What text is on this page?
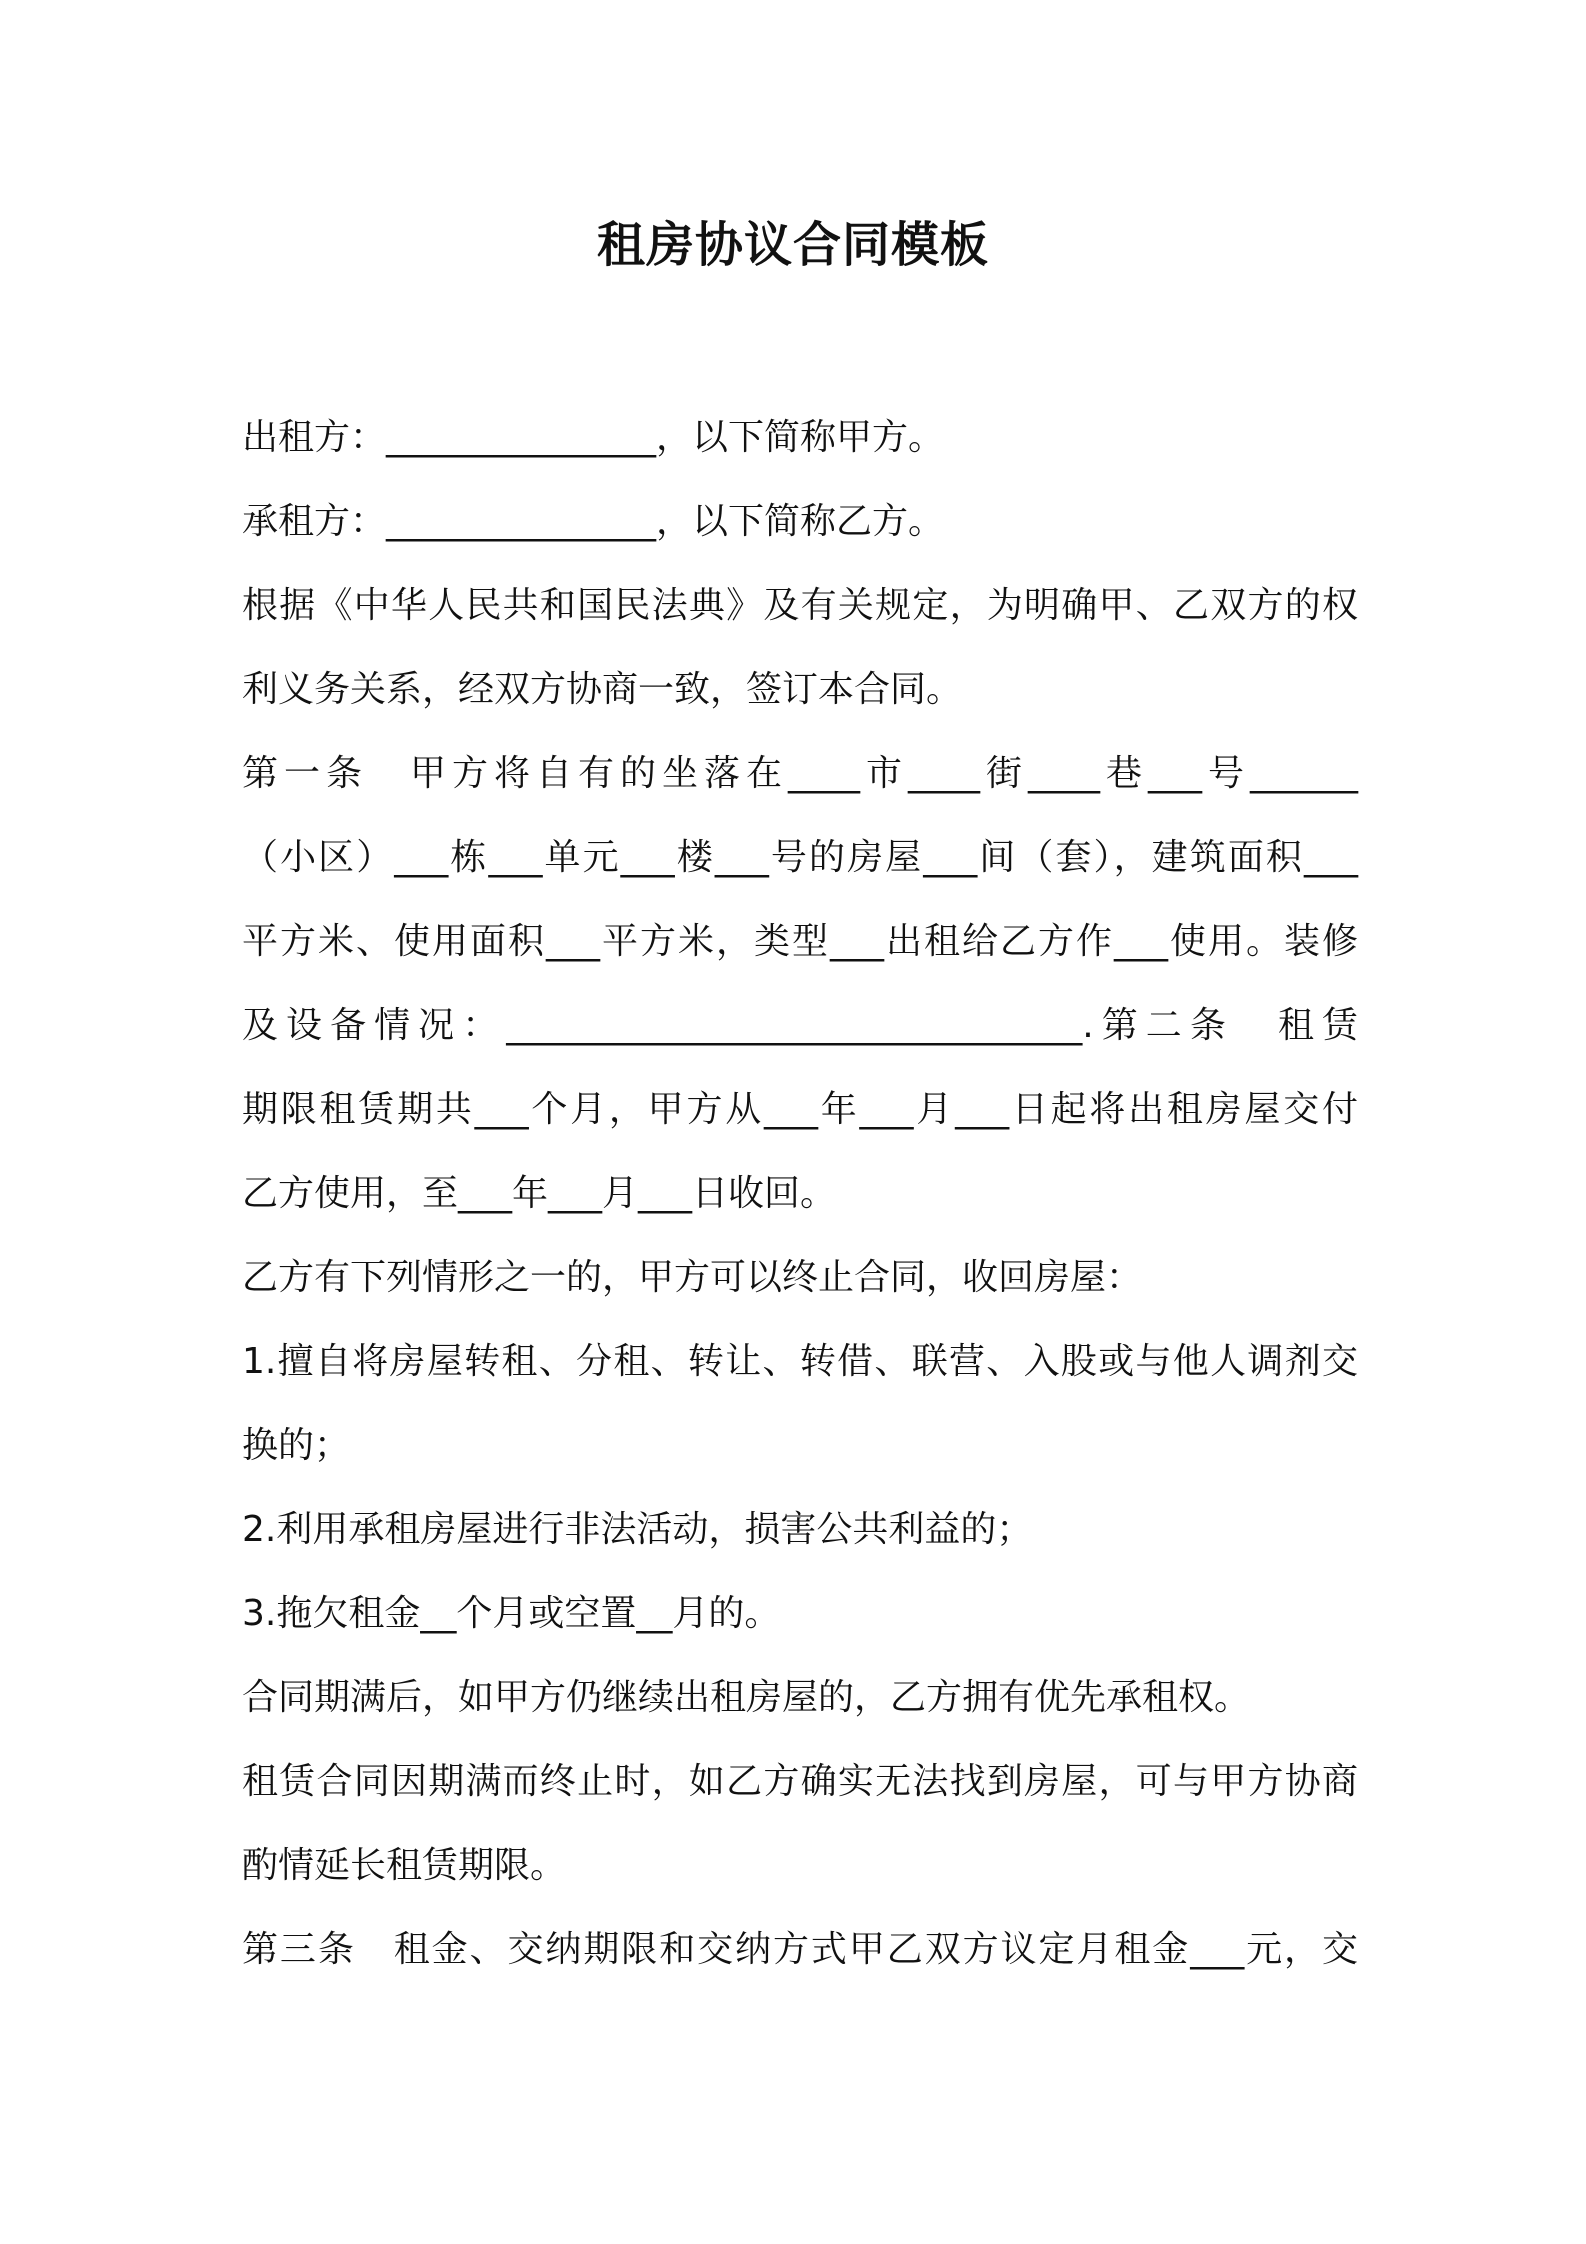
租房协议合同模板

出租方：_______________，以下简称甲方。

承租方：_______________，以下简称乙方。

根据《中华人民共和国民法典》及有关规定，为明确甲、乙双方的权

利义务关系，经双方协商一致，签订本合同。

第一条　甲方将自有的坐落在____市____街____巷___号______

（小区）___栋___单元___楼___号的房屋___间（套），建筑面积___

平方米、使用面积___平方米，类型___出租给乙方作___使用。装修

及设备情况：________________________________.第二条　租赁

期限租赁期共___个月，甲方从___年___月___日起将出租房屋交付

乙方使用，至___年___月___日收回。

乙方有下列情形之一的，甲方可以终止合同，收回房屋：

1.擅自将房屋转租、分租、转让、转借、联营、入股或与他人调剂交

换的；

2.利用承租房屋进行非法活动，损害公共利益的；

3.拖欠租金__个月或空置__月的。

合同期满后，如甲方仍继续出租房屋的，乙方拥有优先承租权。

租赁合同因期满而终止时，如乙方确实无法找到房屋，可与甲方协商

酌情延长租赁期限。

第三条　租金、交纳期限和交纳方式甲乙双方议定月租金___元，交
